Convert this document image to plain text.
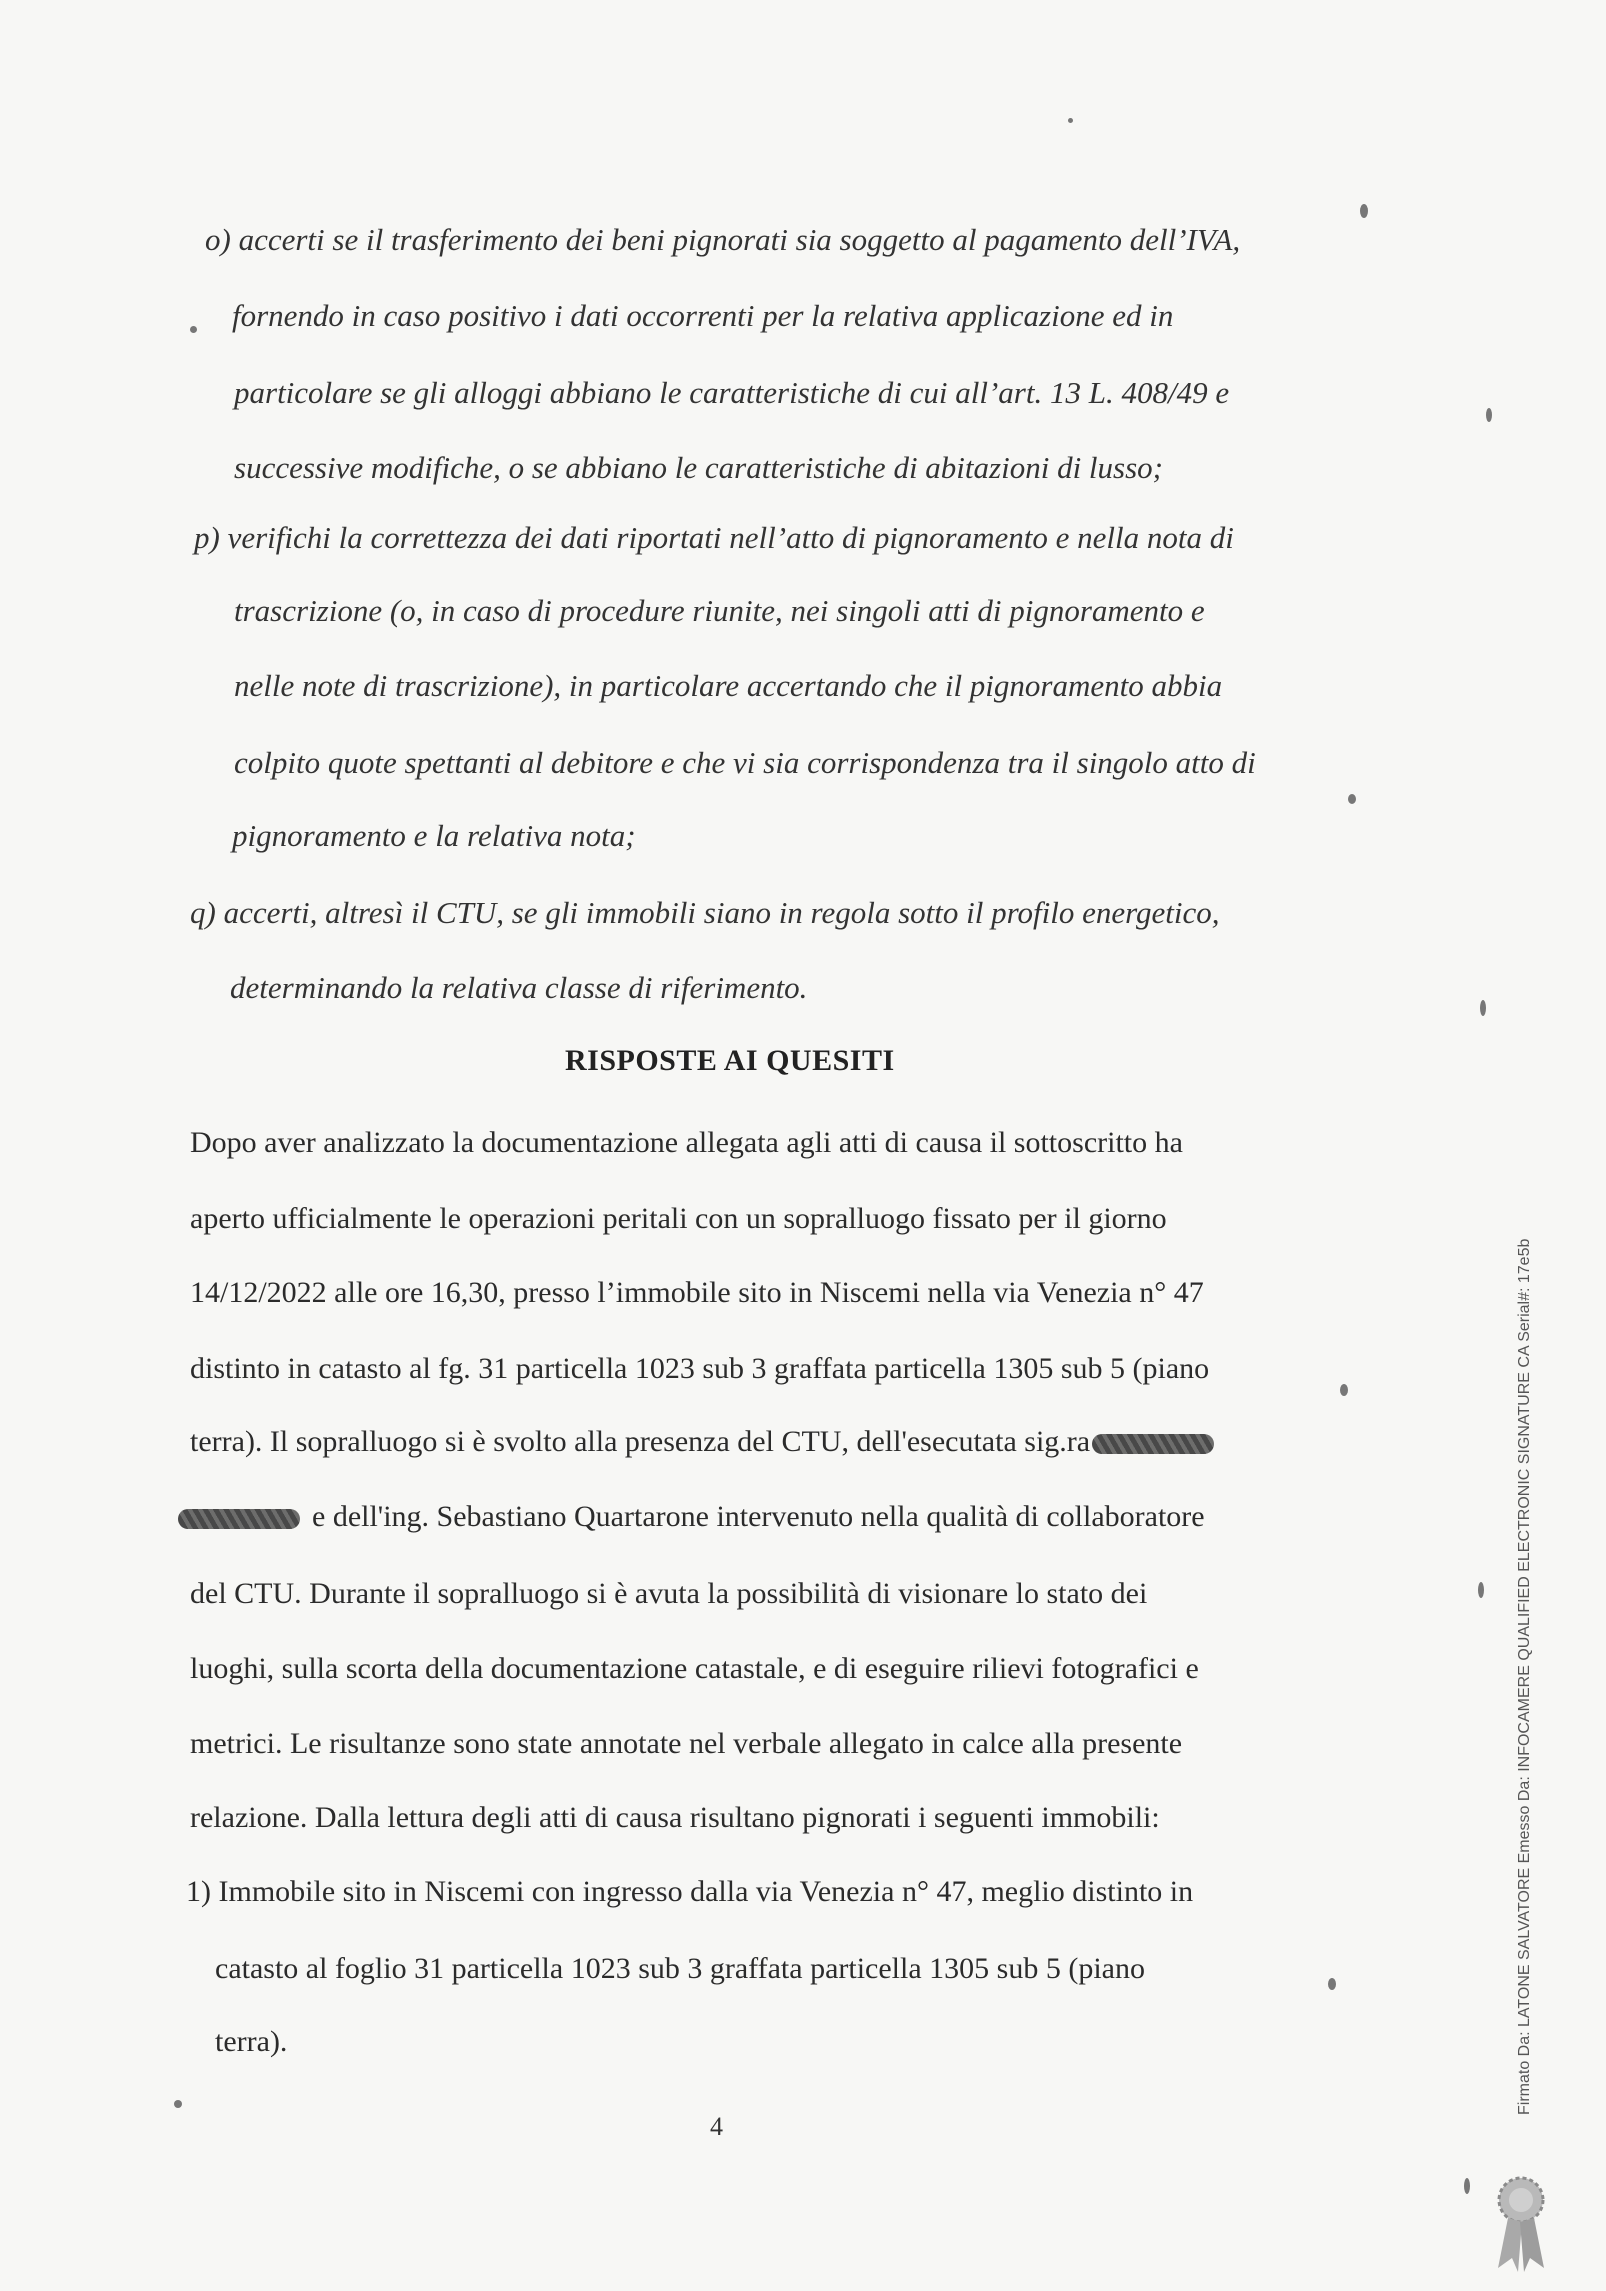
o) accerti se il trasferimento dei beni pignorati sia soggetto al pagamento dell’IVA,
fornendo in caso positivo i dati occorrenti per la relativa applicazione ed in
particolare se gli alloggi abbiano le caratteristiche di cui all’art. 13 L. 408/49 e
successive modifiche, o se abbiano le caratteristiche di abitazioni di lusso;
p) verifichi la correttezza dei dati riportati nell’atto di pignoramento e nella nota di
trascrizione (o, in caso di procedure riunite, nei singoli atti di pignoramento e
nelle note di trascrizione), in particolare accertando che il pignoramento abbia
colpito quote spettanti al debitore e che vi sia corrispondenza tra il singolo atto di
pignoramento e la relativa nota;
q) accerti, altresì il CTU, se gli immobili siano in regola sotto il profilo energetico,
determinando la relativa classe di riferimento.
RISPOSTE AI QUESITI
Dopo aver analizzato la documentazione allegata agli atti di causa il sottoscritto ha
aperto ufficialmente le operazioni peritali con un sopralluogo fissato per il giorno
14/12/2022 alle ore 16,30, presso l’immobile sito in Niscemi nella via Venezia n° 47
distinto in catasto al fg. 31 particella 1023 sub 3 graffata particella 1305 sub 5 (piano
terra). Il sopralluogo si è svolto alla presenza del CTU, dell'esecutata sig.ra
e dell'ing. Sebastiano Quartarone intervenuto nella qualità di collaboratore
del CTU. Durante il sopralluogo si è avuta la possibilità di visionare lo stato dei
luoghi, sulla scorta della documentazione catastale, e di eseguire rilievi fotografici e
metrici. Le risultanze sono state annotate nel verbale allegato in calce alla presente
relazione. Dalla lettura degli atti di causa risultano pignorati i seguenti immobili:
1) Immobile sito in Niscemi con ingresso dalla via Venezia n° 47, meglio distinto in
catasto al foglio 31 particella 1023 sub 3 graffata particella 1305 sub 5 (piano
terra).
4
Firmato Da: LATONE SALVATORE Emesso Da: INFOCAMERE QUALIFIED ELECTRONIC SIGNATURE CA Serial#: 17e5b
